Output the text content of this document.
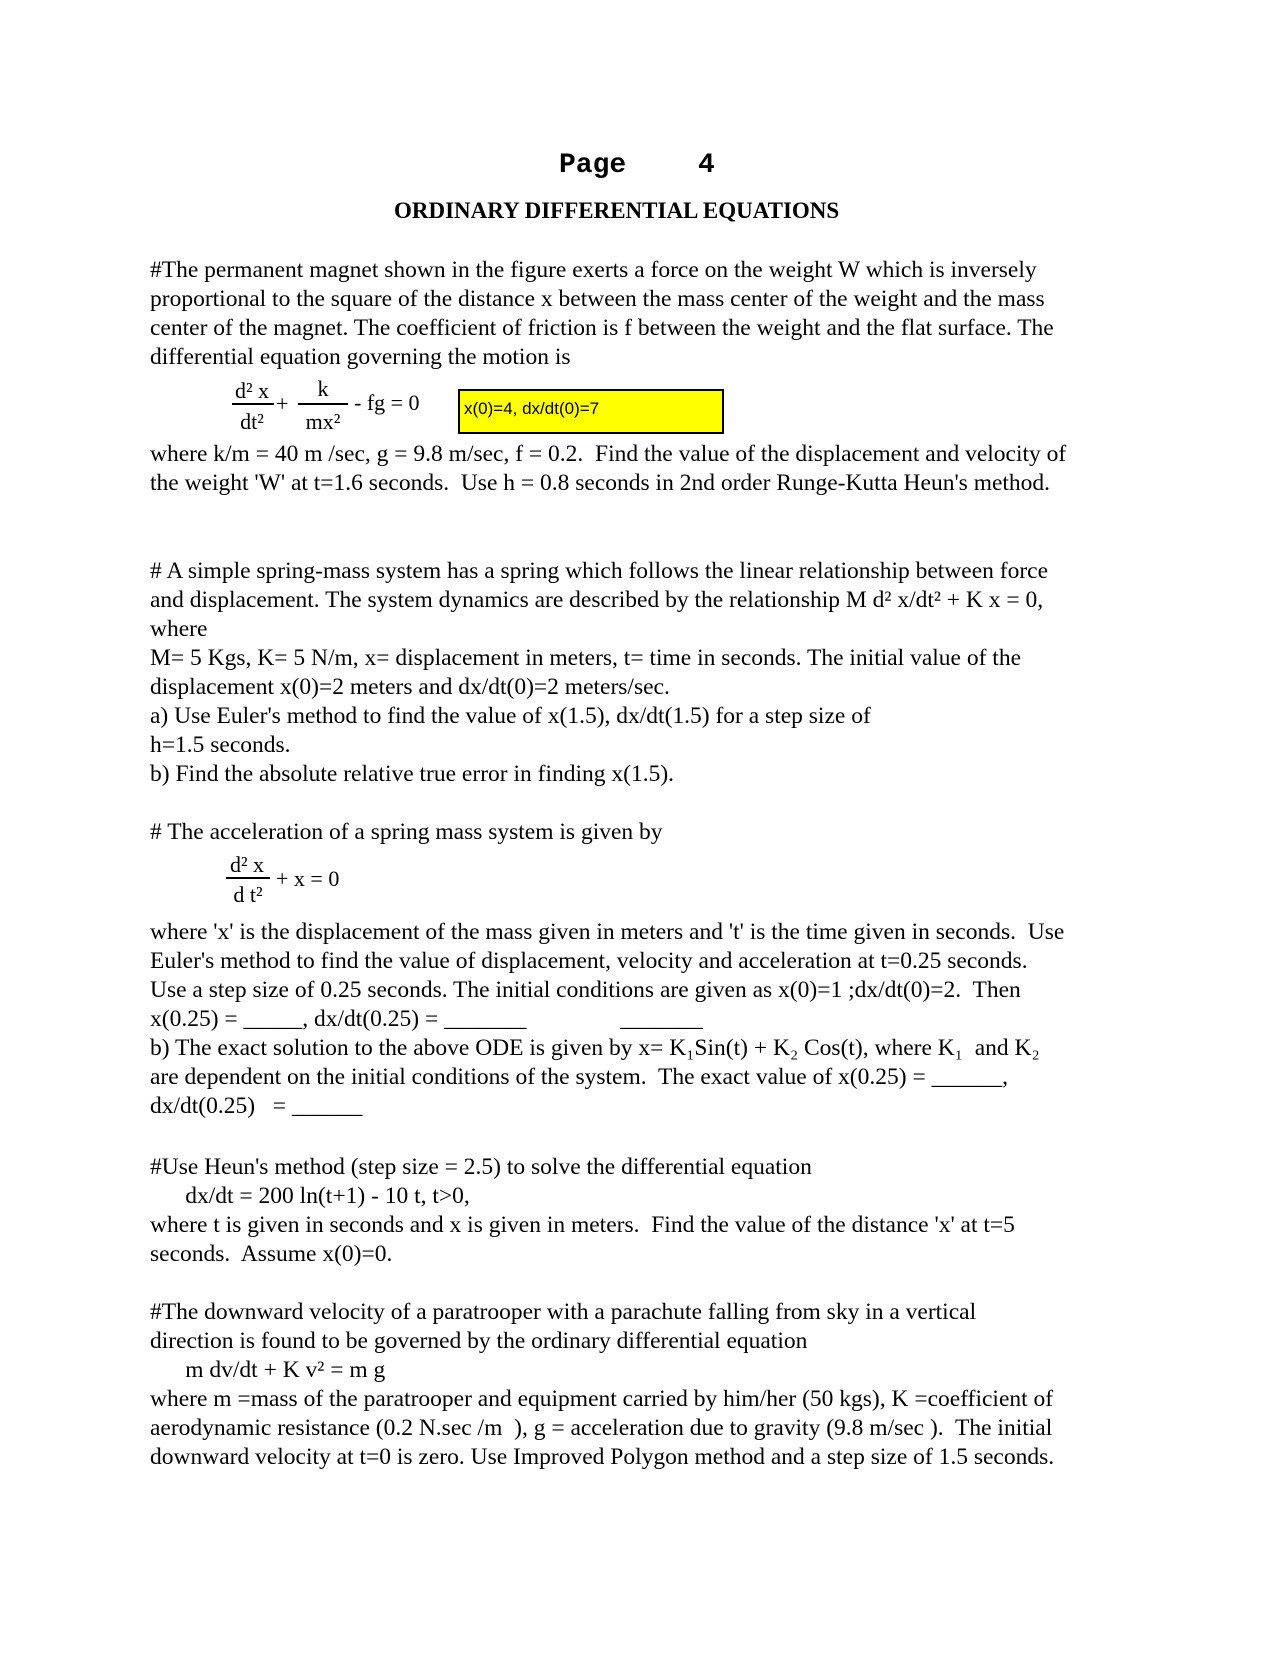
Page	4
ORDINARY DIFFERENTIAL EQUATIONS
#The permanent magnet shown in the figure exerts a force on the weight W which is inversely
proportional to the square of the distance x between the mass center of the weight and the mass
center of the magnet. The coefficient of friction is f between the weight and the flat surface. The
differential equation governing the motion is
d² x
dt²
+
k
mx²
- fg = 0	x(0)=4, dx/dt(0)=7
where k/m = 40 m /sec, g = 9.8 m/sec, f = 0.2.  Find the value of the displacement and velocity of
the weight 'W' at t=1.6 seconds.  Use h = 0.8 seconds in 2nd order Runge-Kutta Heun's method.
# A simple spring-mass system has a spring which follows the linear relationship between force
and displacement. The system dynamics are described by the relationship M d² x/dt² + K x = 0,
where
M= 5 Kgs, K= 5 N/m, x= displacement in meters, t= time in seconds. The initial value of the
displacement x(0)=2 meters and dx/dt(0)=2 meters/sec.
a) Use Euler's method to find the value of x(1.5), dx/dt(1.5) for a step size of
h=1.5 seconds.
b) Find the absolute relative true error in finding x(1.5).
# The acceleration of a spring mass system is given by
d² x
d t²
+ x = 0
where 'x' is the displacement of the mass given in meters and 't' is the time given in seconds.  Use
Euler's method to find the value of displacement, velocity and acceleration at t=0.25 seconds.
Use a step size of 0.25 seconds. The initial conditions are given as x(0)=1 ;dx/dt(0)=2.  Then
x(0.25) = _____, dx/dt(0.25) = _______                _______
b) The exact solution to the above ODE is given by x= K₁Sin(t) + K₂ Cos(t), where K₁  and K₂
are dependent on the initial conditions of the system.  The exact value of x(0.25) = ______,
dx/dt(0.25)   = ______
#Use Heun's method (step size = 2.5) to solve the differential equation
dx/dt = 200 ln(t+1) - 10 t, t>0,
where t is given in seconds and x is given in meters.  Find the value of the distance 'x' at t=5
seconds.  Assume x(0)=0.
#The downward velocity of a paratrooper with a parachute falling from sky in a vertical
direction is found to be governed by the ordinary differential equation
m dv/dt + K v² = m g
where m =mass of the paratrooper and equipment carried by him/her (50 kgs), K =coefficient of
aerodynamic resistance (0.2 N.sec /m  ), g = acceleration due to gravity (9.8 m/sec ).  The initial
downward velocity at t=0 is zero. Use Improved Polygon method and a step size of 1.5 seconds.
